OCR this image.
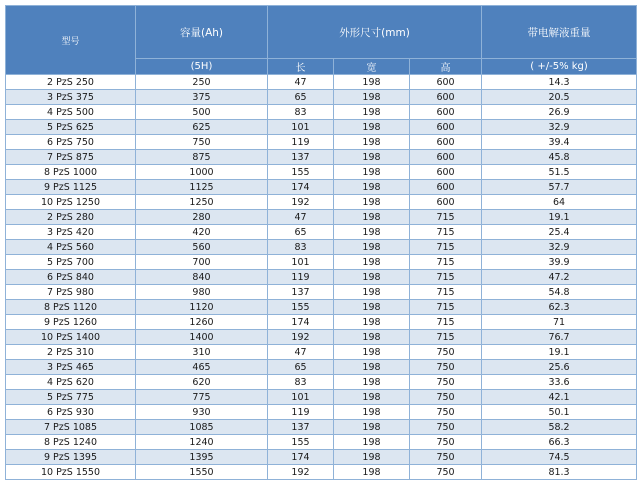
型号	容量(Ah)	外形尺寸(mm)			带电解液重量
	(5H)	长	宽	高	( +/-5% kg)
2 PzS 250	250	47	198	600	14.3
3 PzS 375	375	65	198	600	20.5
4 PzS 500	500	83	198	600	26.9
5 PzS 625	625	101	198	600	32.9
6 PzS 750	750	119	198	600	39.4
7 PzS 875	875	137	198	600	45.8
8 PzS 1000	1000	155	198	600	51.5
9 PzS 1125	1125	174	198	600	57.7
10 PzS 1250	1250	192	198	600	64
2 PzS 280	280	47	198	715	19.1
3 PzS 420	420	65	198	715	25.4
4 PzS 560	560	83	198	715	32.9
5 PzS 700	700	101	198	715	39.9
6 PzS 840	840	119	198	715	47.2
7 PzS 980	980	137	198	715	54.8
8 PzS 1120	1120	155	198	715	62.3
9 PzS 1260	1260	174	198	715	71
10 PzS 1400	1400	192	198	715	76.7
2 PzS 310	310	47	198	750	19.1
3 PzS 465	465	65	198	750	25.6
4 PzS 620	620	83	198	750	33.6
5 PzS 775	775	101	198	750	42.1
6 PzS 930	930	119	198	750	50.1
7 PzS 1085	1085	137	198	750	58.2
8 PzS 1240	1240	155	198	750	66.3
9 PzS 1395	1395	174	198	750	74.5
10 PzS 1550	1550	192	198	750	81.3
